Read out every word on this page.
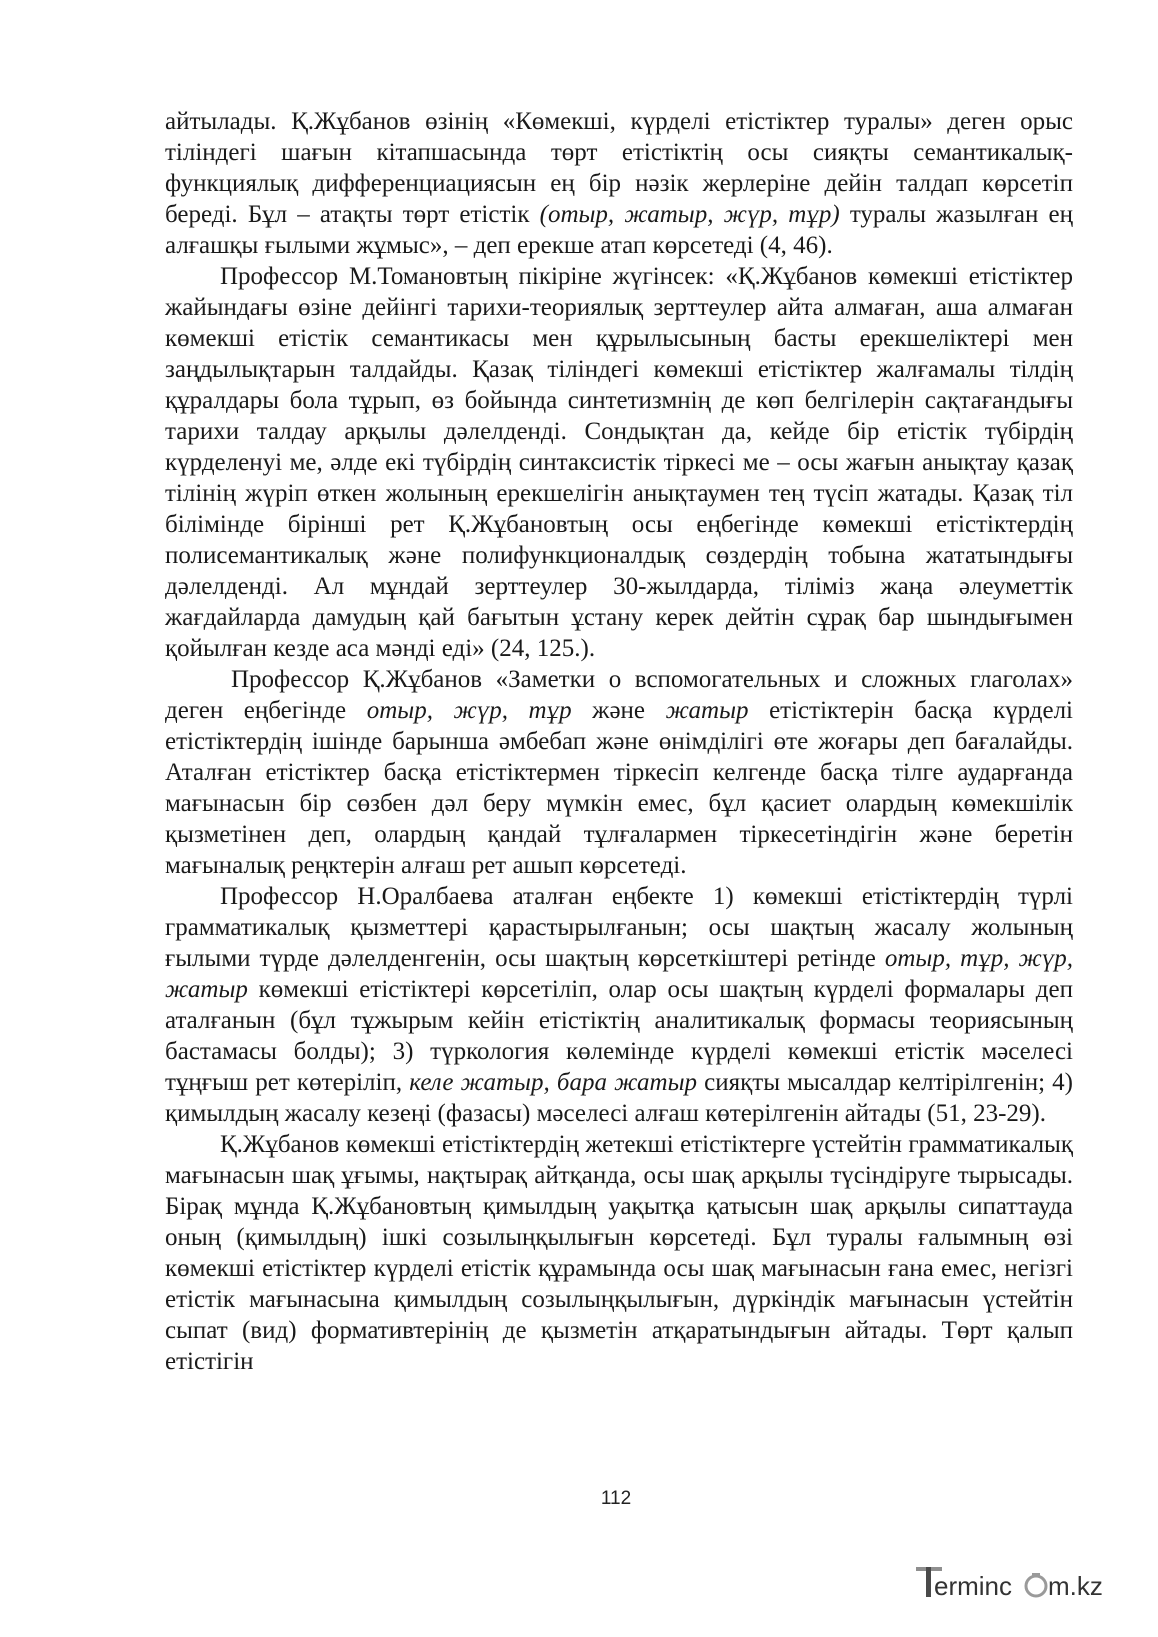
айтылады. Қ.Жұбанов өзінің «Көмекші, күрделі етістіктер туралы» деген орыс тіліндегі шағын кітапшасында төрт етістіктің осы сияқты семантикалық-функциялық дифференциациясын ең бір нәзік жерлеріне дейін талдап көрсетіп береді. Бұл – атақты төрт етістік (отыр, жатыр, жүр, тұр) туралы жазылған ең алғашқы ғылыми жұмыс», – деп ерекше атап көрсетеді (4, 46).

Профессор М.Томановтың пікіріне жүгінсек: «Қ.Жұбанов көмекші етістіктер жайындағы өзіне дейінгі тарихи-теориялық зерттеулер айта алмаған, аша алмаған көмекші етістік семантикасы мен құрылысының басты ерекшеліктері мен заңдылықтарын талдайды. Қазақ тіліндегі көмекші етістіктер жалғамалы тілдің құралдары бола тұрып, өз бойында синтетизмнің де көп белгілерін сақтағандығы тарихи талдау арқылы дәлелденді. Сондықтан да, кейде бір етістік түбірдің күрделенуі ме, әлде екі түбірдің синтаксистік тіркесі ме – осы жағын анықтау қазақ тілінің жүріп өткен жолының ерекшелігін анықтаумен тең түсіп жатады. Қазақ тіл білімінде бірінші рет Қ.Жұбановтың осы еңбегінде көмекші етістіктердің полисемантикалық және полифункционалдық сөздердің тобына жататындығы дәлелденді. Ал мұндай зерттеулер 30-жылдарда, тіліміз жаңа әлеуметтік жағдайларда дамудың қай бағытын ұстану керек дейтін сұрақ бар шындығымен қойылған кезде аса мәнді еді» (24, 125.).

Профессор Қ.Жұбанов «Заметки о вспомогательных и сложных глаголах» деген еңбегінде отыр, жүр, тұр және жатыр етістіктерін басқа күрделі етістіктердің ішінде барынша әмбебап және өнімділігі өте жоғары деп бағалайды. Аталған етістіктер басқа етістіктермен тіркесіп келгенде басқа тілге аударғанда мағынасын бір сөзбен дәл беру мүмкін емес, бұл қасиет олардың көмекшілік қызметінен деп, олардың қандай тұлғалармен тіркесетіндігін және беретін мағыналық реңктерін алғаш рет ашып көрсетеді.

Профессор Н.Оралбаева аталған еңбекте 1) көмекші етістіктердің түрлі грамматикалық қызметтері қарастырылғанын; осы шақтың жасалу жолының ғылыми түрде дәлелденгенін, осы шақтың көрсеткіштері ретінде отыр, тұр, жүр, жатыр көмекші етістіктері көрсетіліп, олар осы шақтың күрделі формалары деп аталғанын (бұл тұжырым кейін етістіктің аналитикалық формасы теориясының бастамасы болды); 3) түркология көлемінде күрделі көмекші етістік мәселесі тұңғыш рет көтеріліп, келе жатыр, бара жатыр сияқты мысалдар келтірілгенін; 4) қимылдың жасалу кезеңі (фазасы) мәселесі алғаш көтерілгенін айтады (51, 23-29).

Қ.Жұбанов көмекші етістіктердің жетекші етістіктерге үстейтін грамматикалық мағынасын шақ ұғымы, нақтырақ айтқанда, осы шақ арқылы түсіндіруге тырысады. Бірақ мұнда Қ.Жұбановтың қимылдың уақытқа қатысын шақ арқылы сипаттауда оның (қимылдың) ішкі созылыңқылығын көрсетеді. Бұл туралы ғалымның өзі көмекші етістіктер күрделі етістік құрамында осы шақ мағынасын ғана емес, негізгі етістік мағынасына қимылдың созылыңқылығын, дүркіндік мағынасын үстейтін сыпат (вид) формативтерінің де қызметін атқаратындығын айтады. Төрт қалып етістігін

112
erminc m.kz
